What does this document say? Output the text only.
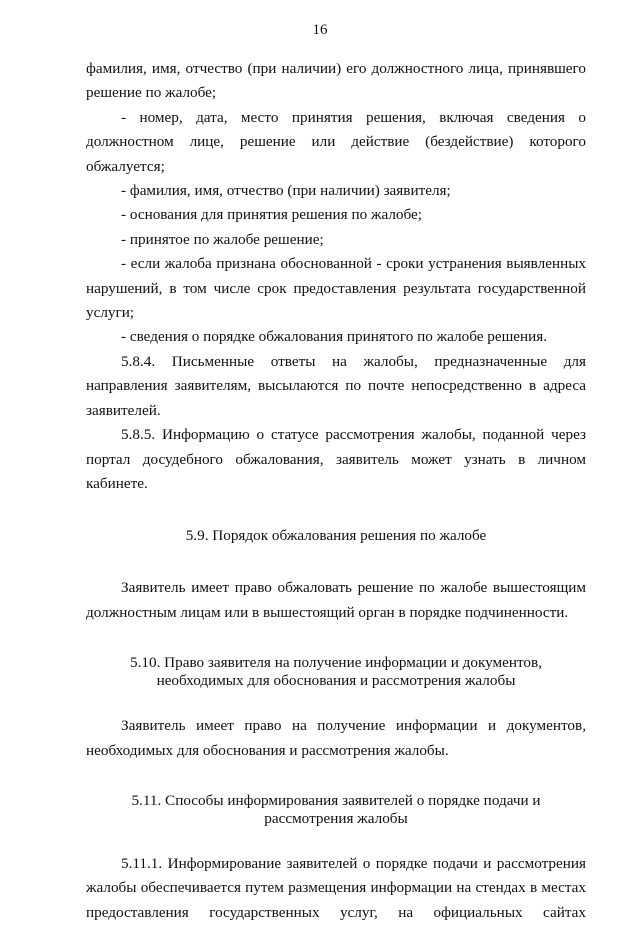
16

фамилия, имя, отчество (при наличии) его должностного лица, принявшего решение по жалобе;

- номер, дата, место принятия решения, включая сведения о должностном лице, решение или действие (бездействие) которого обжалуется;

- фамилия, имя, отчество (при наличии) заявителя;

- основания для принятия решения по жалобе;

- принятое по жалобе решение;

- если жалоба признана обоснованной - сроки устранения выявленных нарушений, в том числе срок предоставления результата государственной услуги;

- сведения о порядке обжалования принятого по жалобе решения.

5.8.4. Письменные ответы на жалобы, предназначенные для направления заявителям, высылаются по почте непосредственно в адреса заявителей.

5.8.5. Информацию о статусе рассмотрения жалобы, поданной через портал досудебного обжалования, заявитель может узнать в личном кабинете.

5.9. Порядок обжалования решения по жалобе

Заявитель имеет право обжаловать решение по жалобе вышестоящим должностным лицам или в вышестоящий орган в порядке подчиненности.

5.10. Право заявителя на получение информации и документов,

необходимых для обоснования и рассмотрения жалобы

Заявитель имеет право на получение информации и документов, необходимых для обоснования и рассмотрения жалобы.

5.11. Способы информирования заявителей о порядке подачи и

рассмотрения жалобы

5.11.1. Информирование заявителей о порядке подачи и рассмотрения жалобы обеспечивается путем размещения информации на стендах в местах предоставления государственных услуг, на официальных сайтах
